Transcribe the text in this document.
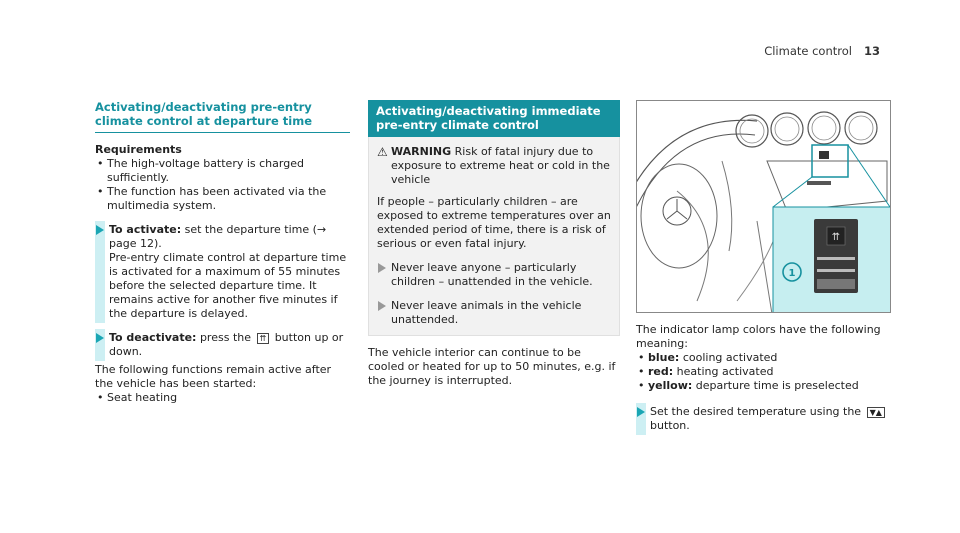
Climate control 13
Activating/deactivating pre-entry climate control at departure time
Requirements
• The high-voltage battery is charged sufficiently.
• The function has been activated via the multimedia system.
To activate: set the departure time (→ page 12).
Pre-entry climate control at departure time is activated for a maximum of 55 minutes before the selected departure time. It remains active for another five minutes if the departure is delayed.
To deactivate: press the ⇈ button up or down.
The following functions remain active after the vehicle has been started:
• Seat heating
Activating/deactivating immediate pre-entry climate control
⚠ WARNING Risk of fatal injury due to exposure to extreme heat or cold in the vehicle
If people – particularly children – are exposed to extreme temperatures over an extended period of time, there is a risk of serious or even fatal injury.
Never leave anyone – particularly children – unattended in the vehicle.
Never leave animals in the vehicle unattended.
The vehicle interior can continue to be cooled or heated for up to 50 minutes, e.g. if the journey is interrupted.
⇈
1
The indicator lamp colors have the following meaning:
• blue: cooling activated
• red: heating activated
• yellow: departure time is preselected
Set the desired temperature using the ▼▲ button.
